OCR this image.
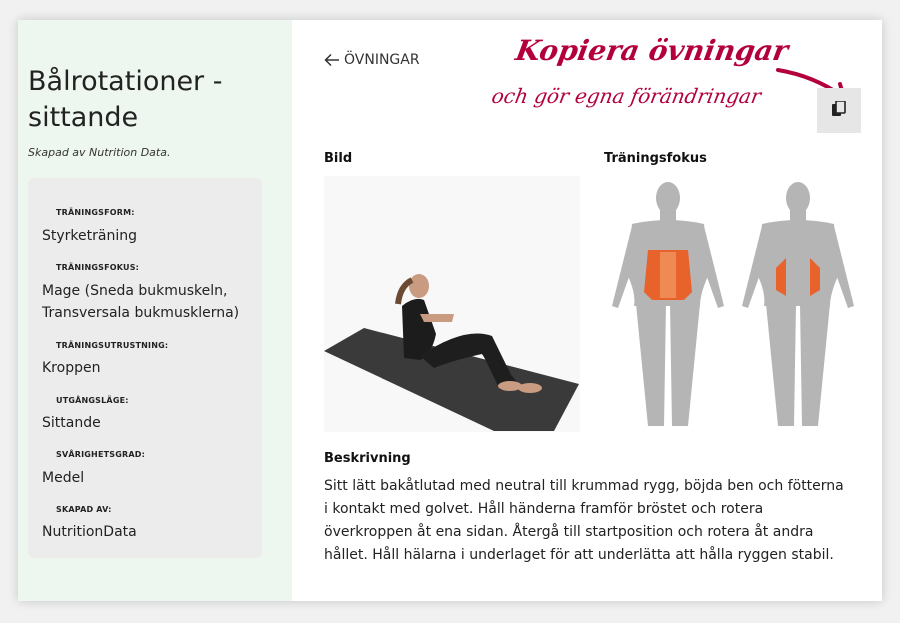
Bålrotationer - sittande
Skapad av Nutrition Data.
TRÄNINGSFORM:
Styrketräning
TRÄNINGSFOKUS:
Mage (Sneda bukmuskeln, Transversala bukmusklerna)
TRÄNINGSUTRUSTNING:
Kroppen
UTGÅNGSLÄGE:
Sittande
SVÅRIGHETSGRAD:
Medel
SKAPAD AV:
NutritionData
ÖVNINGAR	Kopiera övningar
och gör egna förändringar
Bild	Träningsfokus
Beskrivning

Sitt lätt bakåtlutad med neutral till krummad rygg, böjda ben och fötterna i kontakt med golvet. Håll händerna framför bröstet och rotera överkroppen åt ena sidan. Återgå till startposition och rotera åt andra hållet. Håll hälarna i underlaget för att underlätta att hålla ryggen stabil.
